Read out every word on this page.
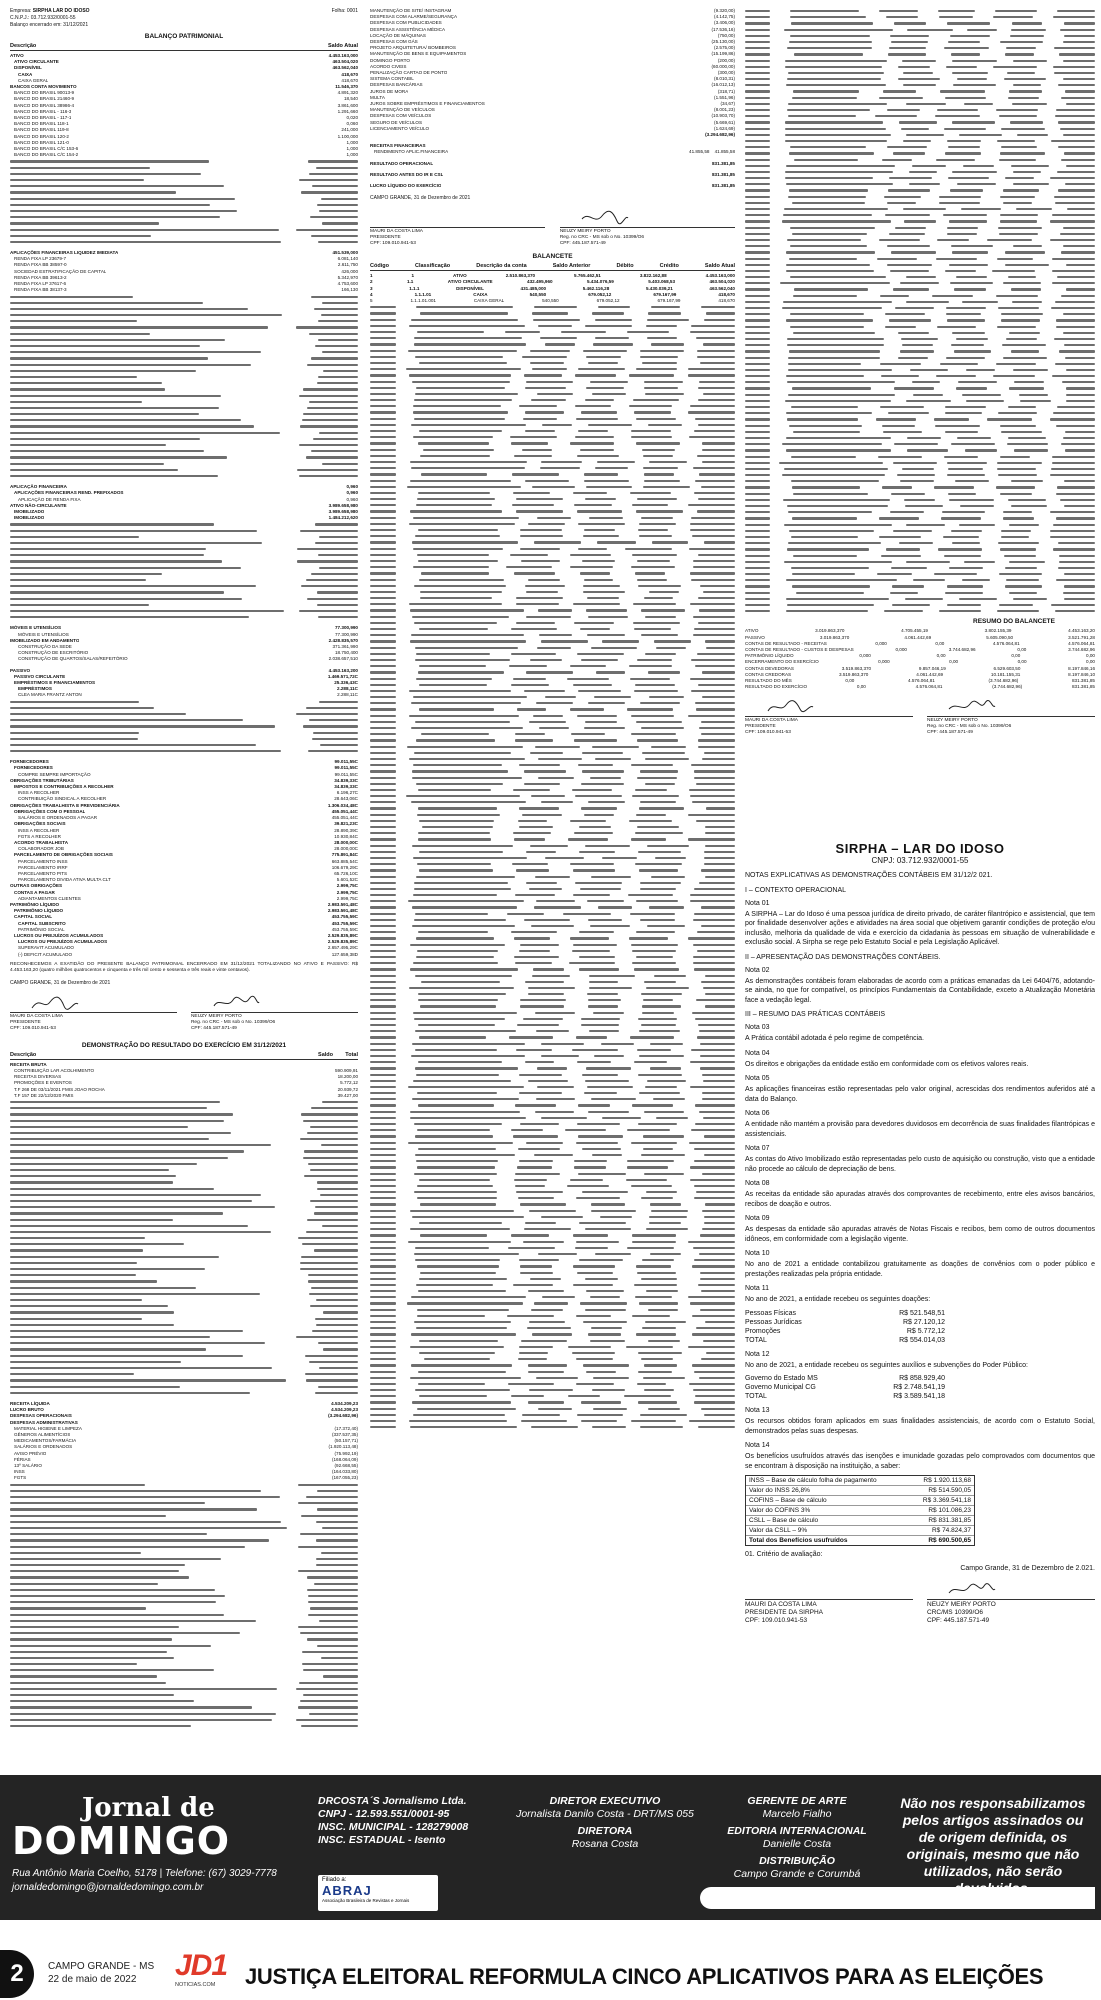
Empresa: SIRPHA LAR DO IDOSO	Folha: 0001
C.N.P.J.: 03.712.932/0001-55
Balanço encerrado em: 31/12/2021
BALANÇO PATRIMONIAL
Descrição	Saldo Atual
ATIVO	4.453.163,000
ATIVO CIRCULANTE	463.504,020
DISPONÍVEL	463.562,040
CAIXA	418,670
CAIXA GERAL	418,670
BANCOS CONTA MOVIMENTO	11.546,370
BANCO DO BRASIL 90013-9	4.891,320
BANCO DO BRASIL 21460-9	18,540
BANCO DO BRASIL 38986-4	3.861,600
BANCO DO BRASIL - 116-3	1.291,660
BANCO DO BRASIL - 117-1	0,020
BANCO DO BRASIL 118-1	0,060
BANCO DO BRASIL 119-8	241,000
BANCO DO BRASIL 120-2	1.100,000
BANCO DO BRASIL 121-0	1,000
BANCO DO BRASIL C/C 153-6	1,000
BANCO DO BRASIL C/C 154-2	1,000
APLICAÇÕES FINANCEIRAS LIQUIDEZ IMEDIATA	451.539,000
RENDA FIXA LP 23679-7	6.081,140
RENDA FIXA BB 38597-0	2.611,750
SOCIEDAD ESTRATIFICAÇÃO DE CAPITAL	426,000
RENDA FIXA BB 39613-2	5.342,970
RENDA FIXA LP 37617-6	4.753,600
RENDA FIXA BB 38137-3	166,130
APLICAÇÃO FINANCEIRA	0,960
APLICAÇÕES FINANCEIRAS REND. PREFIXADOS	0,960
APLICAÇÃO DE RENDA FIXA	0,960
ATIVO NÃO-CIRCULANTE	3.989.658,980
IMOBILIZADO	3.989.658,980
IMOBILIZADO	1.484.212,620
MÓVEIS E UTENSÍLIOS	77.300,990
MÓVEIS E UTENSÍLIOS	77.300,990
IMOBILIZADO EM ANDAMENTO	2.428.835,570
CONSTRUÇÃO DA SEDE	371.361,990
CONSTRUÇÃO DE ESCRITÓRIO	18.750,400
CONSTRUÇÃO DE QUARTOS/SALAS/REFEITÓRIO	2.038.657,510
PASSIVO	4.453.163,200
PASSIVO CIRCULANTE	1.469.571,72C
EMPRÉSTIMOS E FINANCIAMENTOS	25.336,43C
EMPRÉSTIMOS	2.288,11C
CLEA MARIA FRANTZ ANTON	2.288,11C
FORNECEDORES	99.011,55C
FORNECEDORES	99.011,55C
COMPRE SEMPRE IMPORTAÇÃO	99.011,55C
OBRIGAÇÕES TRIBUTÁRIAS	34.839,33C
IMPOSTOS E CONTRIBUIÇÕES A RECOLHER	34.839,33C
INSS A RECOLHER	6.196,27C
CONTRIBUIÇÃO SINDICAL A RECOLHER	28.643,06C
OBRIGAÇÕES TRABALHISTA E PREVIDENCIÁRIA	1.306.034,48C
OBRIGAÇÕES COM O PESSOAL	455.051,44C
SALÁRIOS E ORDENADOS A PAGAR	455.051,44C
OBRIGAÇÕES SOCIAIS	39.821,23C
INSS A RECOLHER	28.890,39C
FGTS A RECOLHER	10.930,84C
ACORDO TRABALHISTA	28.000,00C
COLABORADOR JOB	28.000,00C
PARCELAMENTO DE OBRIGAÇÕES SOCIAIS	775.891,84C
PARCELAMENTO INSS	663.885,54C
PARCELAMENTO IRRF	106.679,29C
PARCELAMENTO PITS	65.726,10C
PARCELAMENTO DIVIDA ATIVA MULTA CLT	5.601,52C
OUTRAS OBRIGAÇÕES	2.999,75C
CONTAS A PAGAR	2.999,75C
ADIANTAMENTOS CLIENTES	2.999,75C
PATRIMÔNIO LÍQUIDO	2.983.591,48C
PATRIMÔNIO LÍQUIDO	2.983.591,48C
CAPITAL SOCIAL	453.755,59C
CAPITAL SUBSCRITO	453.755,59C
PATRIMÔNIO SOCIAL	453.755,59C
LUCROS OU PREJUÍZOS ACUMULADOS	2.529.835,89C
LUCROS OU PREJUÍZOS ACUMULADOS	2.529.835,89C
SUPERAVIT ACUMULADO	2.657.495,29C
(-) DEFICIT ACUMULADO	127.659,38D
RECONHECEMOS A EXATIDÃO DO PRESENTE BALANÇO PATRIMONIAL ENCERRADO EM 31/12/2021 TOTALIZANDO NO ATIVO E PASSIVO: R$ 4.453.163,20 (quatro milhões quatrocentos e cinquenta e três mil cento e sessenta e três reais e vinte centavos).
CAMPO GRANDE, 31 de Dezembro de 2021
MAURI DA COSTA LIMA
PRESIDENTE
CPF: 109.010.941-53
NEUZY MEIRY PORTO
Reg. no CRC - MS sob o No. 10399/O6
CPF: 445.187.571-49
DEMONSTRAÇÃO DO RESULTADO DO EXERCÍCIO EM 31/12/2021
Descrição	Saldo Total
RECEITA BRUTA
CONTRIBUIÇÃO LAR ACOLHIMENTO	590.909,91
RECEITAS DIVERSAS	18.200,00
PROMOÇÕES E EVENTOS	5.772,12
T.F 268 DE 03/11/2021 FMIS JOAO ROCHA	20.939,72
T.F 157 DE 22/12/2020 FMIS	39.427,00
RECEITA LÍQUIDA	4.534.209,23
LUCRO BRUTO	4.534.209,23
DESPESAS OPERACIONAIS	(3.294.682,96)
DESPESAS ADMINISTRATIVAS
MATERIAL HIGIENE E LIMPEZA	(17.372,40)
GÊNEROS ALIMENTÍCIOS	(337.537,35)
MEDICAMENTOS/FARMÁCIA	(50.157,71)
SALÁRIOS E ORDENADOS	(1.920.113,48)
AVISO PRÉVIO	(75.992,19)
FÉRIAS	(168.064,09)
13º SALÁRIO	(92.668,55)
INSS	(164.033,80)
FGTS	(167.055,23)
MANUTENÇÃO DE SITE/ INSTAGRAM	(9.320,00)
DESPESAS COM ALARME/SEGURANÇA	(4.142,75)
DESPESAS COM PUBLICIDADES	(3.406,00)
DESPESAS ASSISTÊNCIA MÉDICA	(17.536,16)
LOCAÇÃO DE MÁQUINAS	(750,00)
DESPESAS COM GÁS	(25.130,00)
PROJETO ARQUITETURA/ BOMBEIROS	(2.575,00)
MANUTENÇÃO DE BENS E EQUIPAMENTOS	(15.199,86)
DOMINGO PORTO	(200,00)
ACORDO CIVEIS	(60.000,00)
PENALIZAÇÃO CARTAO DE PONTO	(300,00)
SISTEMA CONTABIL	(8.010,31)
DESPESAS BANCÁRIAS	(16.012,13)
JUROS DE MORA	(318,71)
MULTA	(1.551,96)
JUROS SOBRE EMPRÉSTIMOS E FINANCIAMENTOS	(34,67)
MANUTENÇÃO DE VEÍCULOS	(8.001,23)
DESPESAS COM VEÍCULOS	(10.903,70)
SEGURO DE VEÍCULOS	(5.669,61)
LICENCIAMENTO VEÍCULO	(1.624,69)
(3.294.682,96)
RECEITAS FINANCEIRAS
RENDIMENTO APLIC.FINANCEIRA	41.855,58 41.855,58
RESULTADO OPERACIONAL	831.381,85
RESULTADO ANTES DO IR E CSL	831.381,85
LUCRO LÍQUIDO DO EXERCÍCIO	831.381,85
CAMPO GRANDE, 31 de Dezembro de 2021
MAURI DA COSTA LIMA
PRESIDENTE
CPF: 109.010.941-53
NEUZY MEIRY PORTO
Reg. no CRC - MS sob o No. 10399/O6
CPF: 445.187.571-49
BALANCETE
Código	Classificação	Descrição da conta	Saldo Anterior	Débito	Crédito	Saldo Atual
1	1	ATIVO	2.510.863,370	5.765.462,51	3.822.162,88	4.453.163,000
2	1.1	ATIVO CIRCULANTE	432.495,960	5.434.076,59	5.403.068,53	463.504,020
3	1.1.1	DISPONÍVEL	431.485,000	5.462.116,28	5.430.039,21	463.562,040
4	1.1.1.01	CAIXA	540,550	679.052,12	679.167,99	418,670
5	1.1.1.01.001	CAIXA GERAL	540,550	679.052,12	679.167,99	418,670
RESUMO DO BALANCETE
ATIVO	3.019.863,370	4.705.455,19	3.802.155,39	4.453.163,20
PASSIVO	3.019.863,370	4.061.442,69	5.605.090,50	3.521.791,28
CONTAS DE RESULTADO - RECEITAS	0,000	0,00	4.576.064,81	4.576.064,81
CONTAS DE RESULTADO - CUSTOS E DESPESAS	0,000	3.744.682,96	0,00	3.744.682,96
PATRIMÔNIO LÍQUIDO	0,000	0,00	0,00	0,00
ENCERRAMENTO DO EXERCÍCIO	0,000	0,00	0,00	0,00
CONTAS DEVEDORAS	3.519.863,370	9.857.046,19	6.529.603,50	8.197.846,16
CONTAS CREDORAS	3.519.863,370	4.061.442,69	10.181.155,31	8.197.846,10
RESULTADO DO MÊS	0,00	4.576.064,81	(3.744.682,96)	831.381,85
RESULTADO DO EXERCÍCIO	0,00	4.576.064,81	(3.744.682,96)	831.381,85
MAURI DA COSTA LIMA
PRESIDENTE
CPF: 109.010.941-53
NEUZY MEIRY PORTO
Reg. no CRC - MS sob o No. 10399/O6
CPF: 445.187.571-49
SIRPHA – LAR DO IDOSO
CNPJ: 03.712.932/0001-55
NOTAS EXPLICATIVAS AS DEMONSTRAÇÕES CONTÁBEIS EM 31/12/2 021.
I – CONTEXTO OPERACIONAL
Nota 01
A SIRPHA – Lar do Idoso é uma pessoa jurídica de direito privado, de caráter filantrópico e assistencial, que tem por finalidade desenvolver ações e atividades na área social que objetivem garantir condições de proteção e/ou inclusão, melhoria da qualidade de vida e exercício da cidadania às pessoas em situação de vulnerabilidade e exclusão social. A Sirpha se rege pelo Estatuto Social e pela Legislação Aplicável.
II – APRESENTAÇÃO DAS DEMONSTRAÇÕES CONTÁBEIS.
Nota 02
As demonstrações contábeis foram elaboradas de acordo com a práticas emanadas da Lei 6404/76, adotando-se ainda, no que for compatível, os princípios Fundamentais da Contabilidade, exceto a Atualização Monetária face a vedação legal.
III – RESUMO DAS PRÁTICAS CONTÁBEIS
Nota 03
A Prática contábil adotada é pelo regime de competência.
Nota 04
Os direitos e obrigações da entidade estão em conformidade com os efetivos valores reais.
Nota 05
As aplicações financeiras estão representadas pelo valor original, acrescidas dos rendimentos auferidos até a data do Balanço.
Nota 06
A entidade não mantém a provisão para devedores duvidosos em decorrência de suas finalidades filantrópicas e assistenciais.
Nota 07
As contas do Ativo Imobilizado estão representadas pelo custo de aquisição ou construção, visto que a entidade não procede ao cálculo de depreciação de bens.
Nota 08
As receitas da entidade são apuradas através dos comprovantes de recebimento, entre eles avisos bancários, recibos de doação e outros.
Nota 09
As despesas da entidade são apuradas através de Notas Fiscais e recibos, bem como de outros documentos idôneos, em conformidade com a legislação vigente.
Nota 10
No ano de 2021 a entidade contabilizou gratuitamente as doações de convênios com o poder público e prestações realizadas pela própria entidade.
Nota 11
No ano de 2021, a entidade recebeu os seguintes doações:
Pessoas Físicas	R$ 521.548,51
Pessoas Jurídicas	R$ 27.120,12
Promoções	R$ 5.772,12
TOTAL	R$ 554.014,03
Nota 12
No ano de 2021, a entidade recebeu os seguintes auxílios e subvenções do Poder Público:
Governo do Estado MS	R$ 858.929,40
Governo Municipal CG	R$ 2.748.541,19
TOTAL	R$ 3.589.541,18
Nota 13
Os recursos obtidos foram aplicados em suas finalidades assistenciais, de acordo com o Estatuto Social, demonstrados pelas suas despesas.
Nota 14
Os benefícios usufruídos através das isenções e imunidade gozadas pelo comprovados com documentos que se encontram à disposição na instituição, a saber:
INSS – Base de cálculo folha de pagamento	R$ 1.920.113,68
Valor do INSS 26,8%	R$ 514.590,05
COFINS – Base de cálculo	R$ 3.369.541,18
Valor do COFINS 3%	R$ 101.086,23
CSLL – Base de cálculo	R$ 831.381,85
Valor da CSLL – 9%	R$ 74.824,37
Total dos Benefícios usufruídos	R$ 690.500,65
01. Critério de avaliação:
Campo Grande, 31 de Dezembro de 2.021.
MAURI DA COSTA LIMA
PRESIDENTE DA SIRPHA
CPF: 109.010.941-53
NEUZY MEIRY PORTO
CRC/MS 10399/O6
CPF: 445.187.571-49
Jornal de
DOMINGO
Rua Antônio Maria Coelho, 5178 | Telefone: (67) 3029-7778
jornaldedomingo@jornaldedomingo.com.br
DRCOSTA´S Jornalismo Ltda.
CNPJ - 12.593.551/0001-95
INSC. MUNICIPAL - 128279008
INSC. ESTADUAL - Isento
DIRETOR EXECUTIVO
Jornalista Danilo Costa - DRT/MS 055
DIRETORA
Rosana Costa
GERENTE DE ARTE
Marcelo Fialho
EDITORIA INTERNACIONAL
Danielle Costa
DISTRIBUIÇÃO
Campo Grande e Corumbá
Não nos responsabilizamos pelos artigos assinados ou de origem definida, os originais, mesmo que não utilizados, não serão
Filiado a:
ABRAJ
Associação Brasileira de Revistas e Jornais
2	CAMPO GRANDE - MS
22 de maio de 2022	JD1
NOTICIAS.COM	JUSTIÇA ELEITORAL REFORMULA CINCO APLICATIVOS PARA AS ELEIÇÕES
